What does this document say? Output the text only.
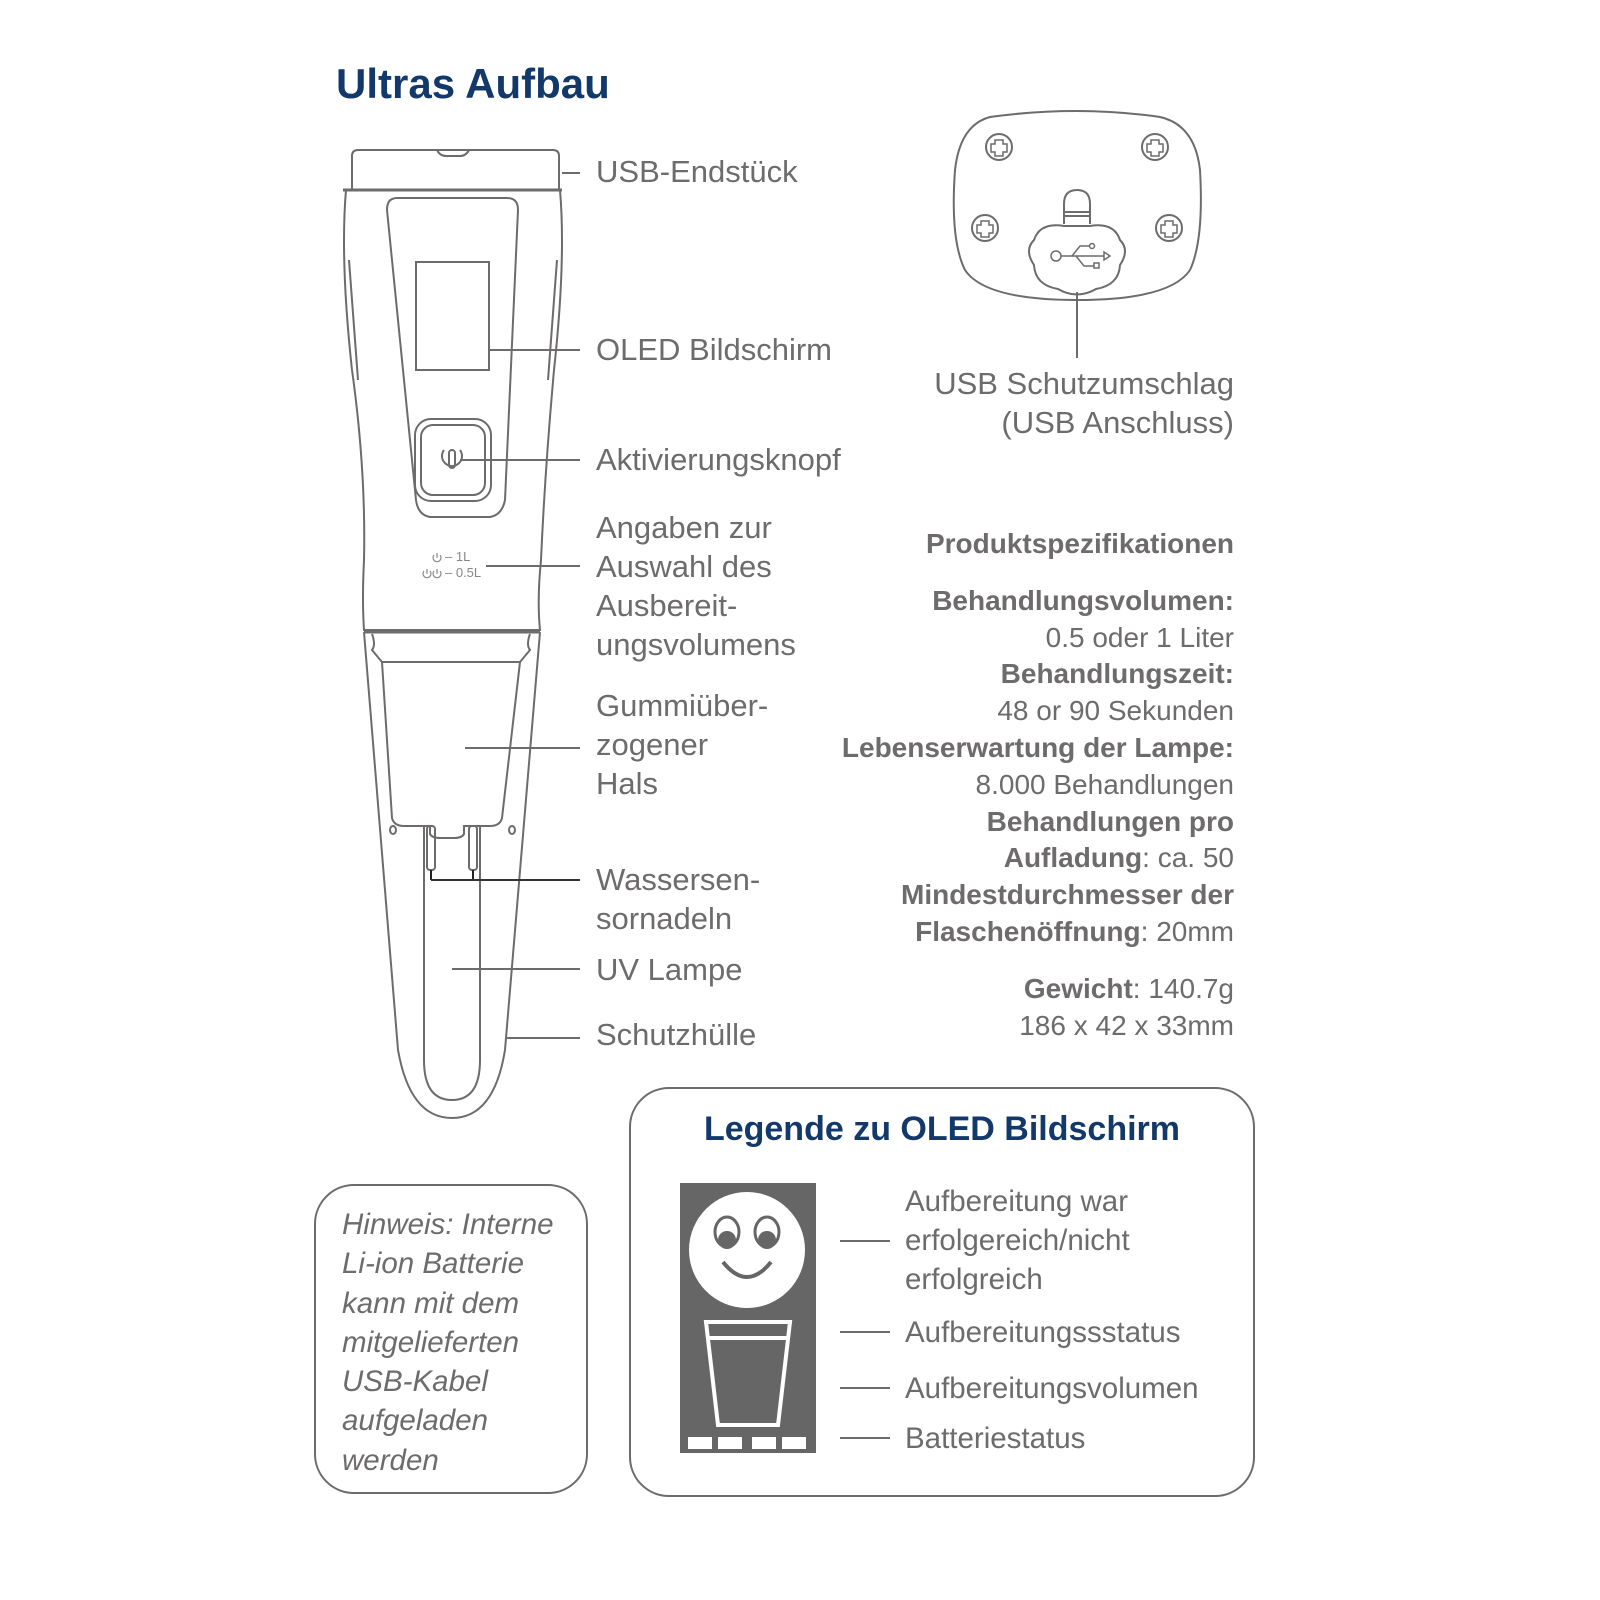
Ultras Aufbau
– 1L
– 0.5L
USB-Endstück
OLED Bildschirm
Aktivierungsknopf
Angaben zur
Auswahl des
Ausbereit-
ungsvolumens
Gummiüber-
zogener
Hals
Wassersen-
sornadeln
UV Lampe
Schutzhülle
USB Schutzumschlag
(USB Anschluss)
Produktspezifikationen
Behandlungsvolumen:
0.5 oder 1 Liter
Behandlungszeit:
48 or 90 Sekunden
Lebenserwartung der Lampe:
8.000 Behandlungen
Behandlungen pro
Aufladung: ca. 50
Mindestdurchmesser der
Flaschenöffnung: 20mm
Gewicht: 140.7g
186 x 42 x 33mm
Hinweis: Interne
Li-ion Batterie
kann mit dem
mitgelieferten
USB-Kabel
aufgeladen
werden
Legende zu OLED Bildschirm
Aufbereitung war
erfolgereich/nicht
erfolgreich
Aufbereitungssstatus
Aufbereitungsvolumen
Batteriestatus
